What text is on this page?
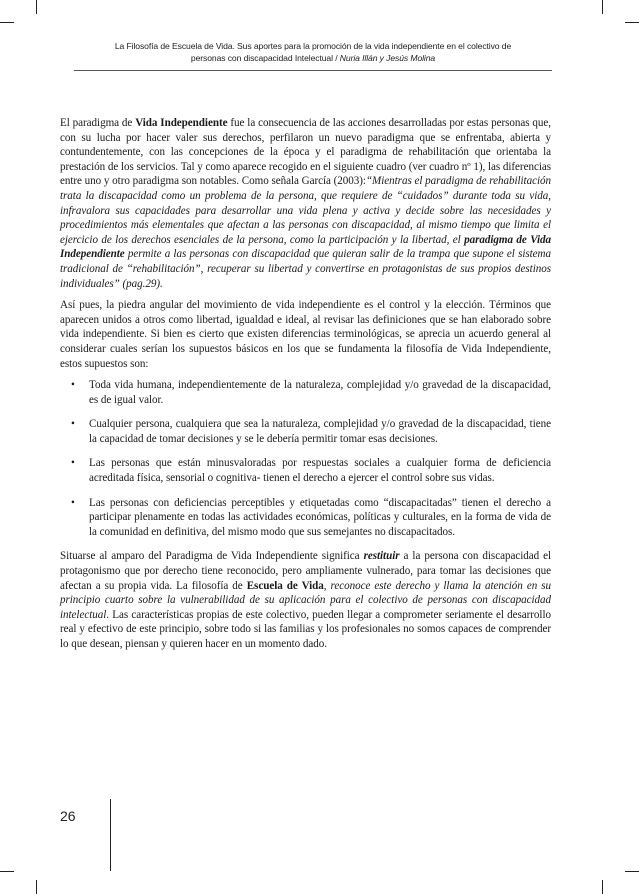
La Filosofía de Escuela de Vida. Sus aportes para la promoción de la vida independiente en el colectivo de
personas con discapacidad Intelectual / Nuria Illán y Jesús Molina

El paradigma de Vida Independiente fue la consecuencia de las acciones desarrolladas por estas personas que, con su lucha por hacer valer sus derechos, perfilaron un nuevo paradigma que se enfrentaba, abierta y contundentemente, con las concepciones de la época y el paradigma de rehabilitación que orientaba la prestación de los servicios. Tal y como aparece recogido en el siguiente cuadro (ver cuadro nº 1), las diferencias entre uno y otro paradigma son notables. Como señala García (2003):“Mientras el paradigma de rehabilitación trata la discapacidad como un problema de la persona, que requiere de “cuidados” durante toda su vida, infravalora sus capacidades para desarrollar una vida plena y activa y decide sobre las necesidades y procedimientos más elementales que afectan a las personas con discapacidad, al mismo tiempo que limita el ejercicio de los derechos esenciales de la persona, como la participación y la libertad, el paradigma de Vida Independiente permite a las personas con discapacidad que quieran salir de la trampa que supone el sistema tradicional de “rehabilitación”, recuperar su libertad y convertirse en protagonistas de sus propios destinos individuales” (pag.29).

Así pues, la piedra angular del movimiento de vida independiente es el control y la elección. Términos que aparecen unidos a otros como libertad, igualdad e ideal, al revisar las definiciones que se han elaborado sobre vida independiente. Si bien es cierto que existen diferencias terminológicas, se aprecia un acuerdo general al considerar cuales serían los supuestos básicos en los que se fundamenta la filosofía de Vida Independiente, estos supuestos son:

• Toda vida humana, independientemente de la naturaleza, complejidad y/o gravedad de la discapacidad, es de igual valor.
• Cualquier persona, cualquiera que sea la naturaleza, complejidad y/o gravedad de la discapacidad, tiene la capacidad de tomar decisiones y se le debería permitir tomar esas decisiones.
• Las personas que están minusvaloradas por respuestas sociales a cualquier forma de deficiencia acreditada física, sensorial o cognitiva- tienen el derecho a ejercer el control sobre sus vidas.
• Las personas con deficiencias perceptibles y etiquetadas como “discapacitadas” tienen el derecho a participar plenamente en todas las actividades económicas, políticas y culturales, en la forma de vida de la comunidad en definitiva, del mismo modo que sus semejantes no discapacitados.

Situarse al amparo del Paradigma de Vida Independiente significa restituir a la persona con discapacidad el protagonismo que por derecho tiene reconocido, pero ampliamente vulnerado, para tomar las decisiones que afectan a su propia vida. La filosofía de Escuela de Vida, reconoce este derecho y llama la atención en su principio cuarto sobre la vulnerabilidad de su aplicación para el colectivo de personas con discapacidad intelectual. Las características propias de este colectivo, pueden llegar a comprometer seriamente el desarrollo real y efectivo de este principio, sobre todo si las familias y los profesionales no somos capaces de comprender lo que desean, piensan y quieren hacer en un momento dado.

26
